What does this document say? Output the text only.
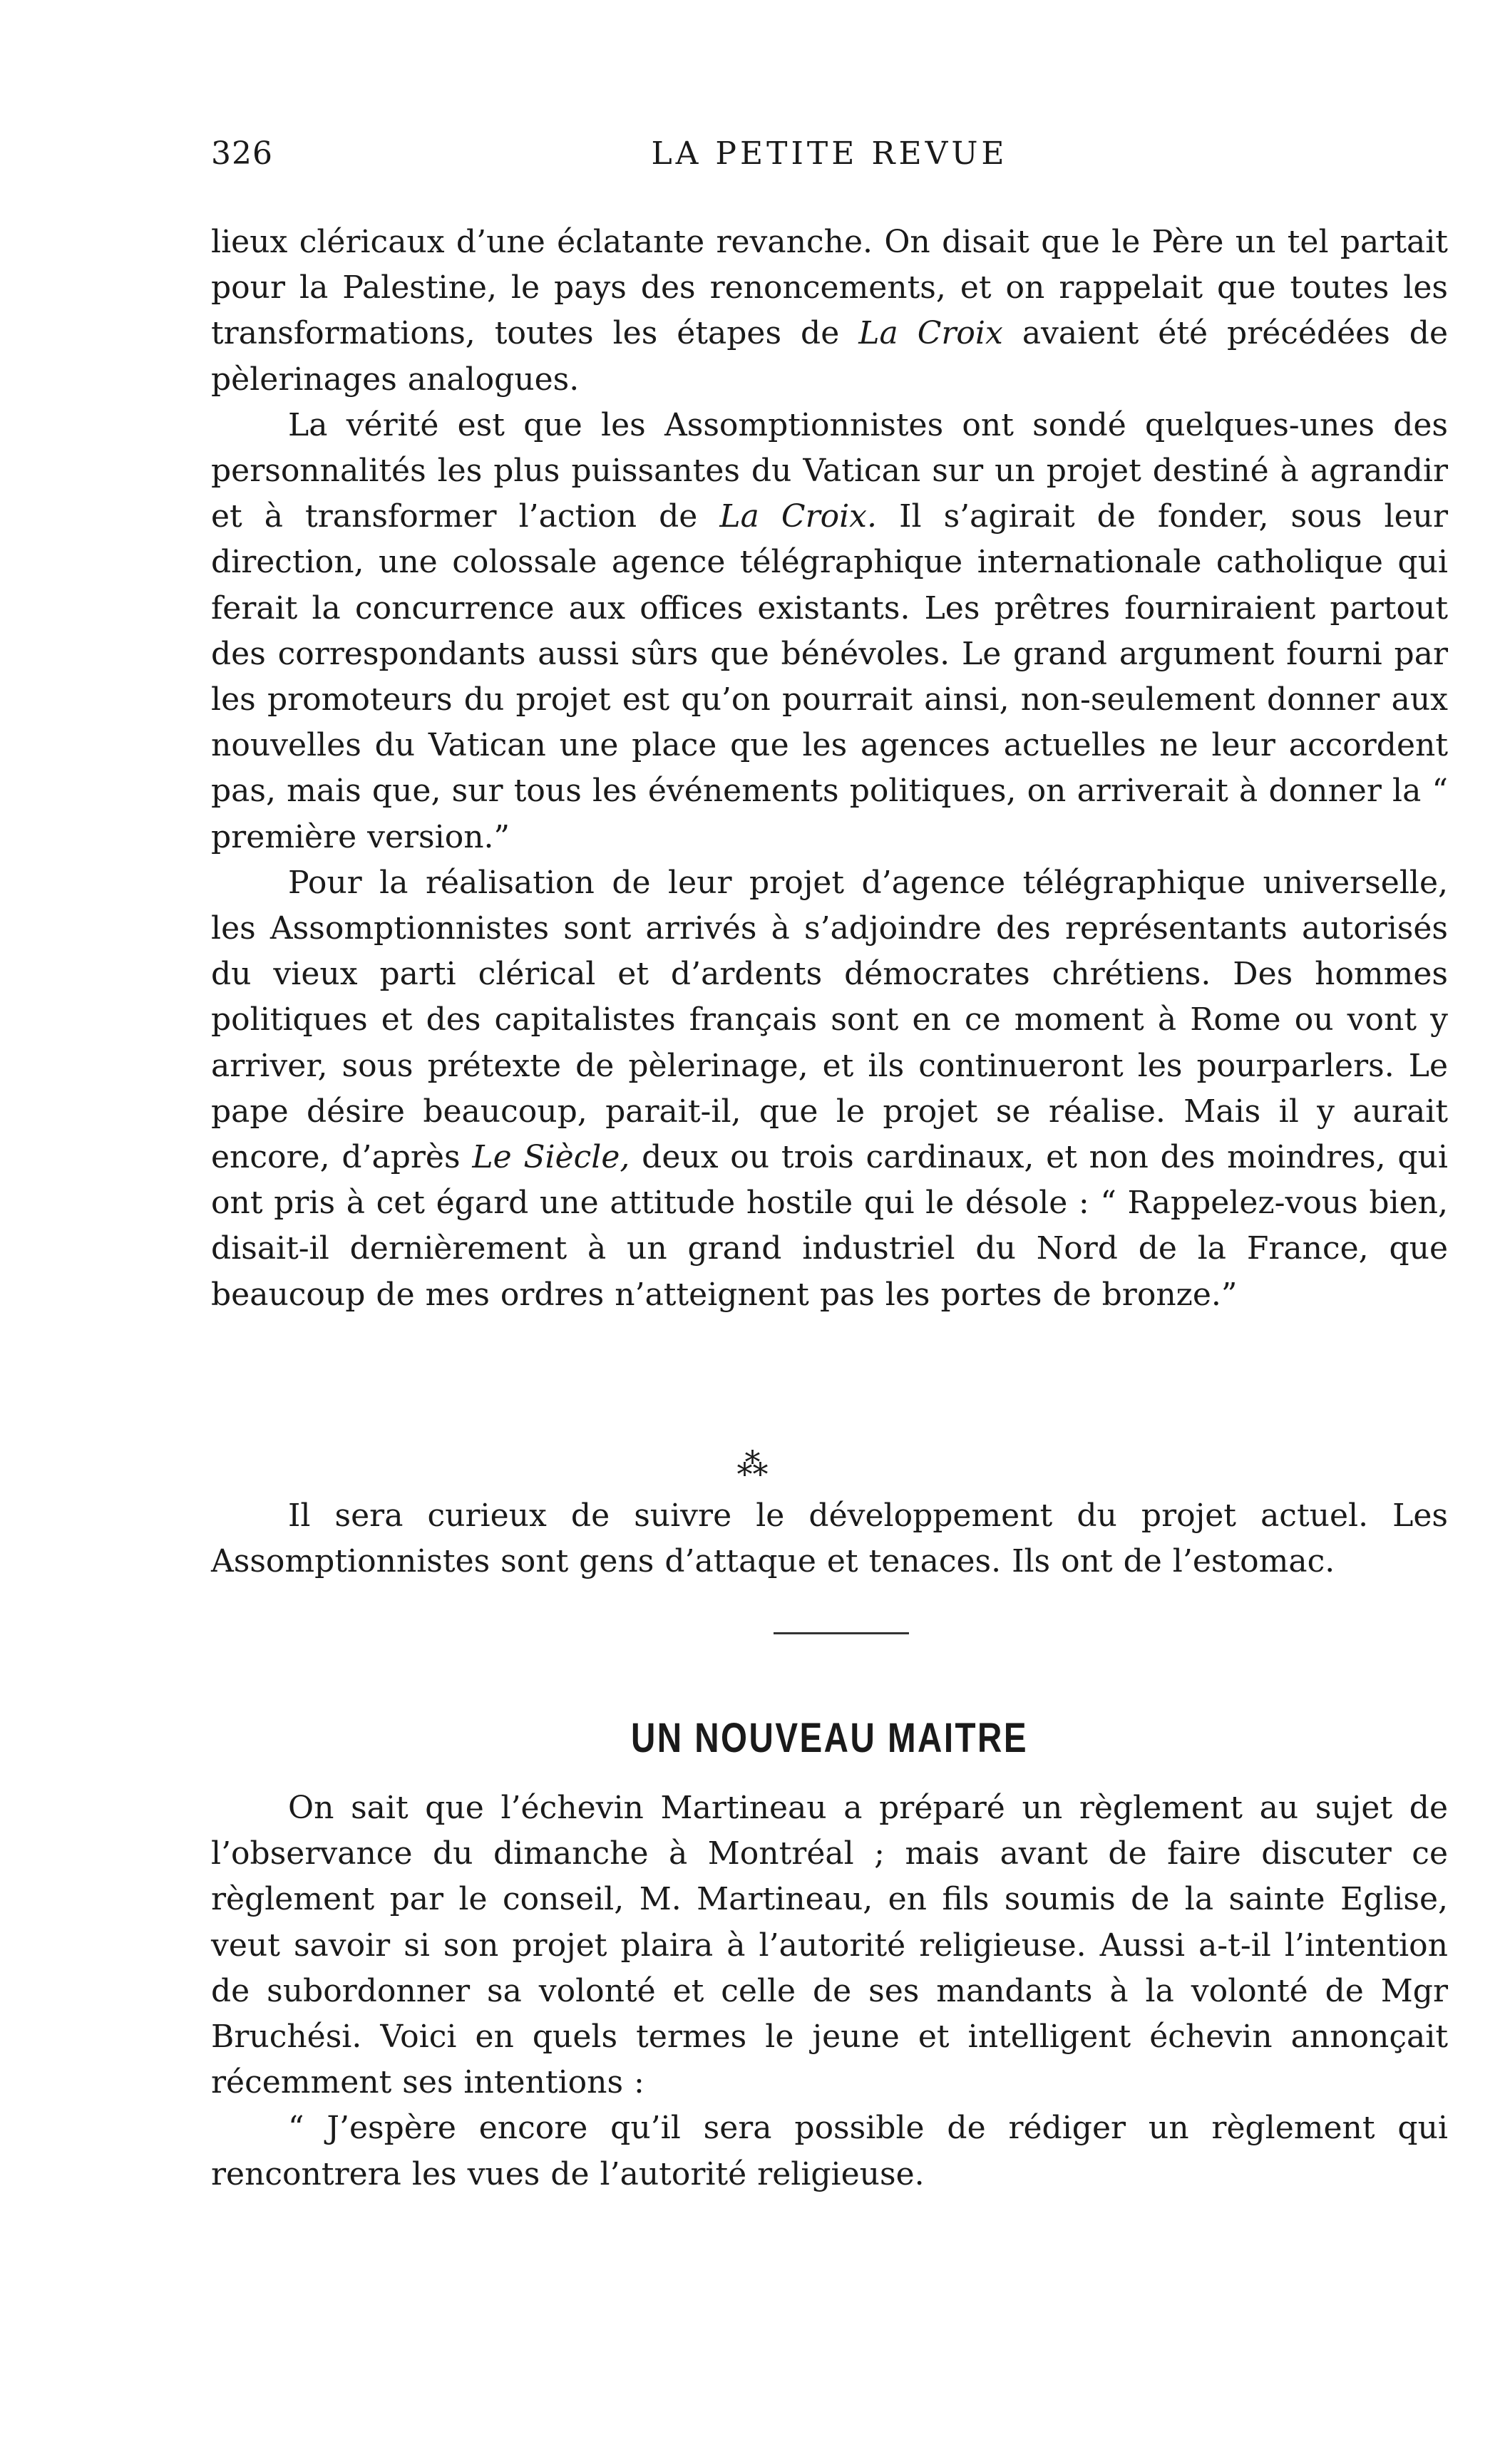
326	LA PETITE REVUE

lieux cléricaux d’une éclatante revanche. On disait que le Père un tel partait pour la Palestine, le pays des renoncements, et on rappelait que toutes les transformations, toutes les étapes de La Croix avaient été précédées de pèlerinages analogues.

La vérité est que les Assomptionnistes ont sondé quelques-unes des personnalités les plus puissantes du Vatican sur un projet destiné à agrandir et à transformer l’action de La Croix. Il s’agirait de fonder, sous leur direction, une colossale agence télégraphique internationale catholique qui ferait la concurrence aux offices existants. Les prêtres fourniraient partout des correspondants aussi sûrs que bénévoles. Le grand argument fourni par les promoteurs du projet est qu’on pourrait ainsi, non-seulement donner aux nouvelles du Vatican une place que les agences actuelles ne leur accordent pas, mais que, sur tous les événements politiques, on arriverait à donner la “ première version.”

Pour la réalisation de leur projet d’agence télégraphique universelle, les Assomptionnistes sont arrivés à s’adjoindre des représentants autorisés du vieux parti clérical et d’ardents démocrates chrétiens. Des hommes politiques et des capitalistes français sont en ce moment à Rome ou vont y arriver, sous prétexte de pèlerinage, et ils continueront les pourparlers. Le pape désire beaucoup, parait-il, que le projet se réalise. Mais il y aurait encore, d’après Le Siècle, deux ou trois cardinaux, et non des moindres, qui ont pris à cet égard une attitude hostile qui le désole : “ Rappelez-vous bien, disait-il dernièrement à un grand industriel du Nord de la France, que beaucoup de mes ordres n’atteignent pas les portes de bronze.”

⁂

Il sera curieux de suivre le développement du projet actuel. Les Assomptionnistes sont gens d’attaque et tenaces. Ils ont de l’estomac.

UN NOUVEAU MAITRE

On sait que l’échevin Martineau a préparé un règlement au sujet de l’observance du dimanche à Montréal ; mais avant de faire discuter ce règlement par le conseil, M. Martineau, en fils soumis de la sainte Eglise, veut savoir si son projet plaira à l’autorité religieuse. Aussi a-t-il l’intention de subordonner sa volonté et celle de ses mandants à la volonté de Mgr Bruchési. Voici en quels termes le jeune et intelligent échevin annonçait récemment ses intentions :

“ J’espère encore qu’il sera possible de rédiger un règlement qui rencontrera les vues de l’autorité religieuse.
